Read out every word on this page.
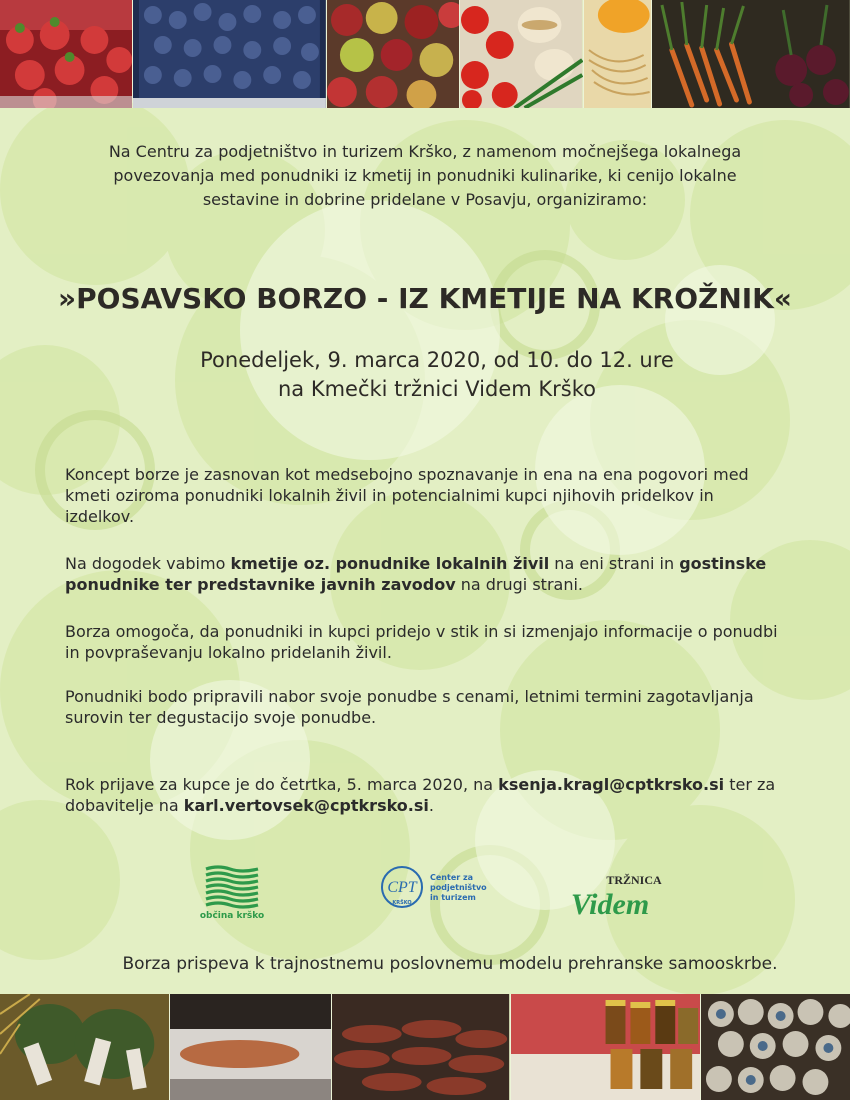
Na Centru za podjetništvo in turizem Krško, z namenom močnejšega lokalnega
povezovanja med ponudniki iz kmetij in ponudniki kulinarike, ki cenijo lokalne
sestavine in dobrine pridelane v Posavju, organiziramo:
»POSAVSKO BORZO - IZ KMETIJE NA KROŽNIK«
Ponedeljek, 9. marca 2020, od 10. do 12. ure
na Kmečki tržnici Videm Krško
Koncept borze je zasnovan kot medsebojno spoznavanje in ena na ena pogovori med kmeti oziroma ponudniki lokalnih živil in potencialnimi kupci njihovih pridelkov in izdelkov.
Na dogodek vabimo kmetije oz. ponudnike lokalnih živil na eni strani in gostinske ponudnike ter predstavnike javnih zavodov na drugi strani.
Borza omogoča, da ponudniki in kupci pridejo v stik in si izmenjajo informacije o ponudbi in povpraševanju lokalno pridelanih živil.
Ponudniki bodo pripravili nabor svoje ponudbe s cenami, letnimi termini zagotavljanja surovin ter degustacijo svoje ponudbe.
Rok prijave za kupce je do četrtka, 5. marca 2020, na ksenja.kragl@cptkrsko.si ter za dobavitelje na karl.vertovsek@cptkrsko.si.
občina krško
CPT
KRŠKO
Center za
podjetništvo
in turizem
TRŽNICA
Videm
Borza prispeva k trajnostnemu poslovnemu modelu prehranske samooskrbe.
